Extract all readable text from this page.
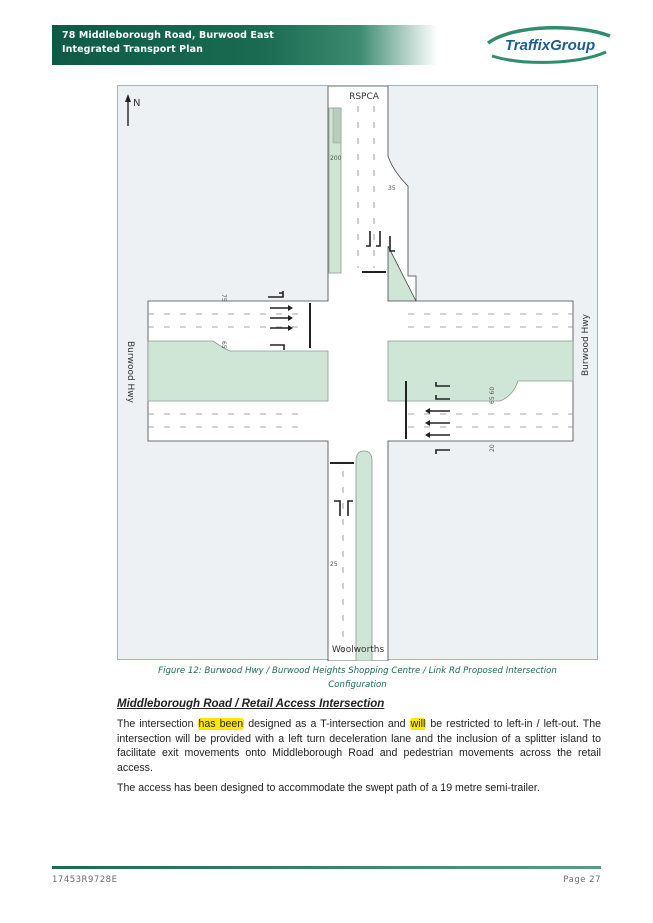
78 Middleborough Road, Burwood East
Integrated Transport Plan	TraffixGroup
N
RSPCA
Woolworths
Burwood Hwy	Burwood Hwy
200
35
75
65
65 60
20
25
Figure 12: Burwood Hwy / Burwood Heights Shopping Centre / Link Rd Proposed Intersection
Configuration
Middleborough Road / Retail Access Intersection
The intersection has been designed as a T-intersection and will be restricted to left-in / left-out. The intersection will be provided with a left turn deceleration lane and the inclusion of a splitter island to facilitate exit movements onto Middleborough Road and pedestrian movements across the retail access.
The access has been designed to accommodate the swept path of a 19 metre semi-trailer.
17453R9728E	Page 27
